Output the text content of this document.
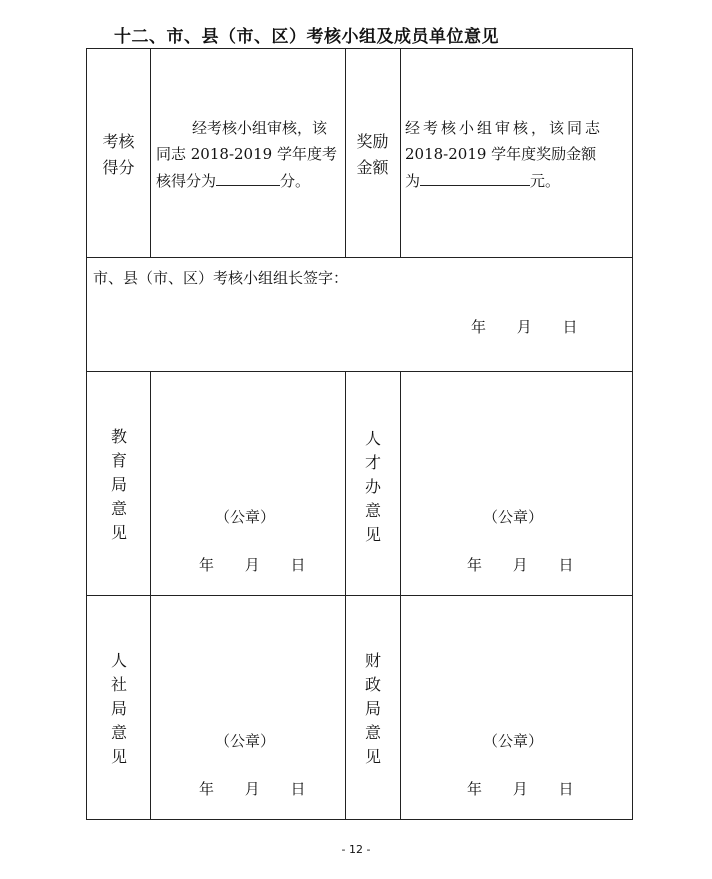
十二、市、县（市、区）考核小组及成员单位意见
考核
得分
经考核小组审核，该
同志 2018-2019 学年度考
核得分为	分。
奖励
金额
经考核小组审核，该同志
2018-2019 学年度奖励金额
为	元。
市、县（市、区）考核小组组长签字：
年 月 日
教
育
局
意
见
（公章）
年 月 日
人
才
办
意
见
（公章）
年 月 日
人
社
局
意
见
（公章）
年 月 日
财
政
局
意
见
（公章）
年 月 日
- 12 -
